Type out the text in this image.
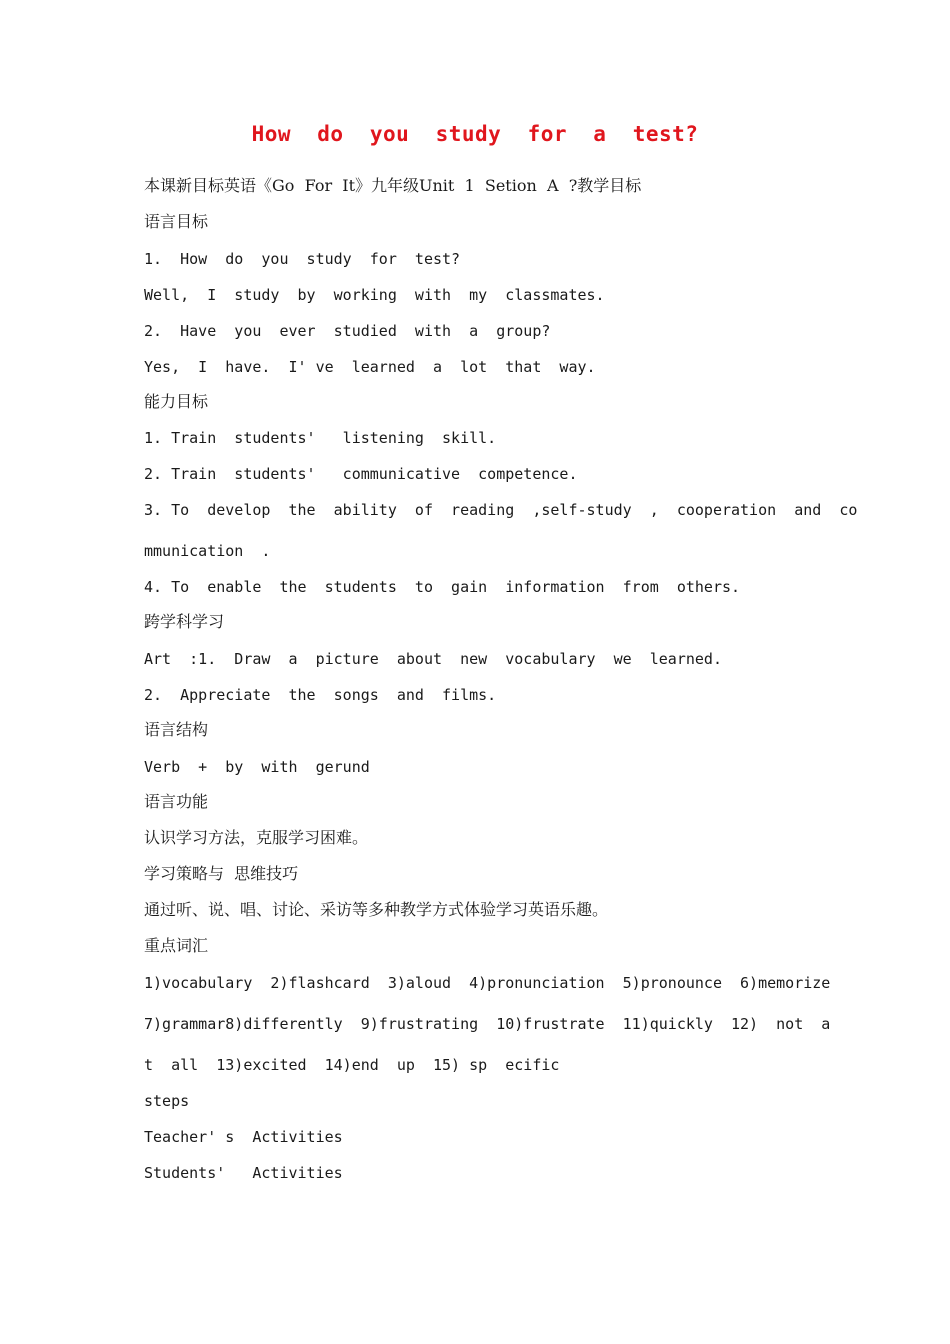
How  do  you  study  for  a  test?
本课新目标英语《Go  For  It》九年级Unit  1  Setion  A  ?教学目标
语言目标
1.  How  do  you  study  for  test?
Well,  I  study  by  working  with  my  classmates.
2.  Have  you  ever  studied  with  a  group?
Yes,  I  have.  I' ve  learned  a  lot  that  way.
能力目标
1. Train  students'   listening  skill.
2. Train  students'   communicative  competence.
3. To  develop  the  ability  of  reading  ,self-study  ,  cooperation  and  co
mmunication  .
4. To  enable  the  students  to  gain  information  from  others.
跨学科学习
Art  :1.  Draw  a  picture  about  new  vocabulary  we  learned.
2.  Appreciate  the  songs  and  films.
语言结构
Verb  +  by  with  gerund
语言功能
认识学习方法，克服学习困难。
学习策略与  思维技巧
通过听、说、唱、讨论、采访等多种教学方式体验学习英语乐趣。
重点词汇
1)vocabulary  2)flashcard  3)aloud  4)pronunciation  5)pronounce  6)memorize
7)grammar8)differently  9)frustrating  10)frustrate  11)quickly  12)  not  a
t  all  13)excited  14)end  up  15) sp  ecific
steps
Teacher' s  Activities
Students'   Activities
